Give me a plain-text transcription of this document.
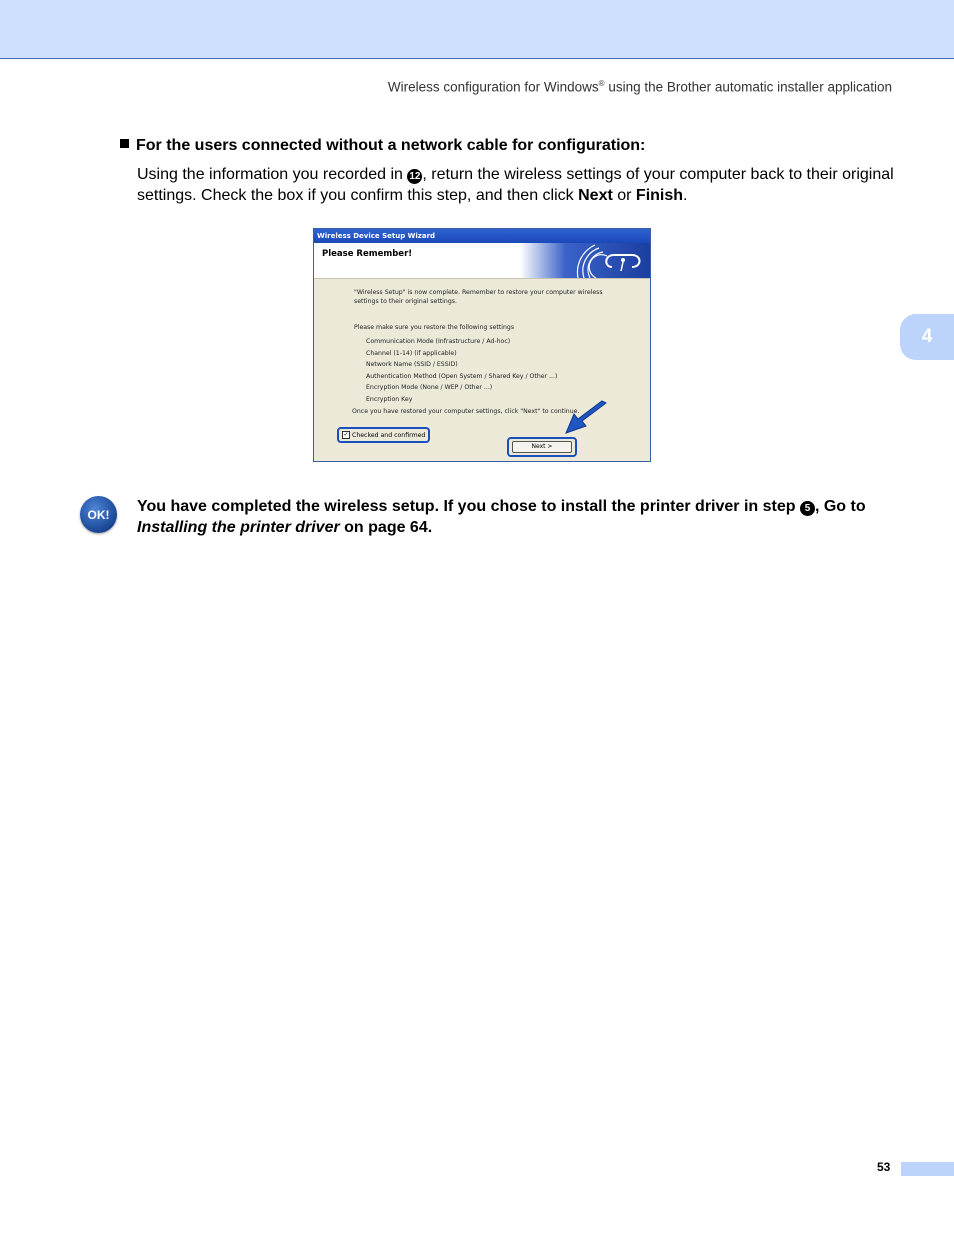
Wireless configuration for Windows® using the Brother automatic installer application
4
For the users connected without a network cable for configuration:
Using the information you recorded in 12 , return the wireless settings of your computer back to their original settings. Check the box if you confirm this step, and then click Next or Finish.
Wireless Device Setup Wizard
Please Remember!
"Wireless Setup" is now complete. Remember to restore your computer wireless
settings to their original settings.
Please make sure you restore the following settings
Communication Mode (Infrastructure / Ad-hoc)
Channel (1-14) (if applicable)
Network Name (SSID / ESSID)
Authentication Method (Open System / Shared Key / Other ...)
Encryption Mode (None / WEP / Other ...)
Encryption Key
Once you have restored your computer settings, click "Next" to continue.
✓ Checked and confirmed
Next >
OK!	You have completed the wireless setup. If you chose to install the printer driver in step 5 , Go to Installing the printer driver on page 64.
53
